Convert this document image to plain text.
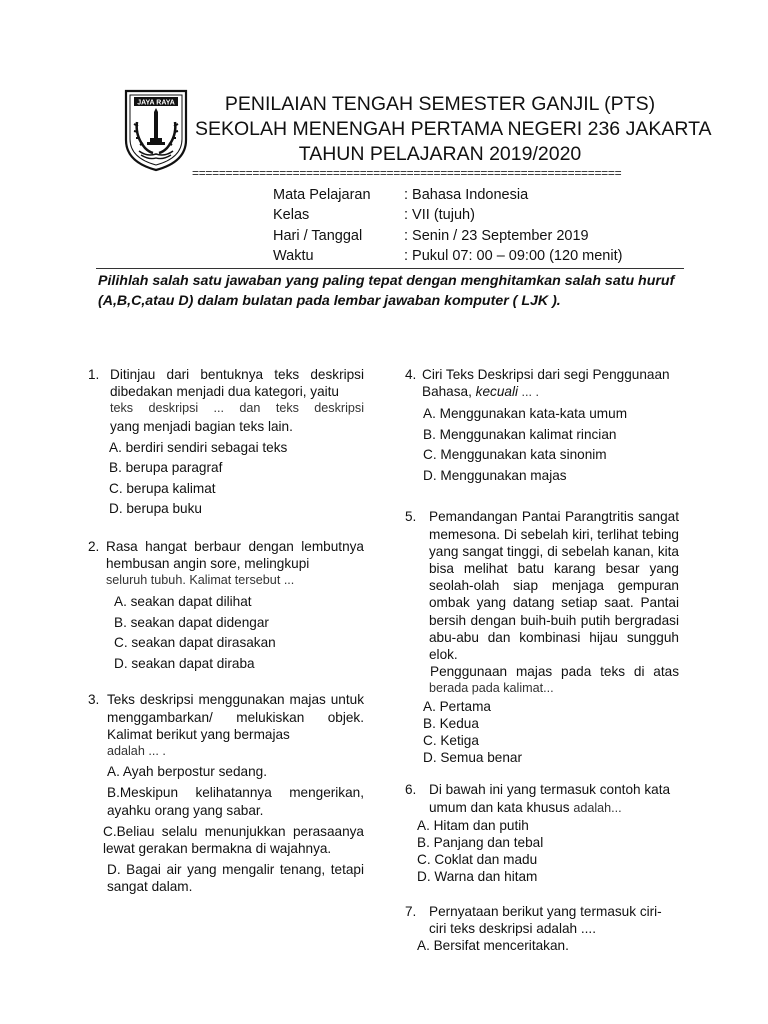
JAYA RAYA	PENILAIAN TENGAH SEMESTER GANJIL (PTS)
SEKOLAH MENENGAH PERTAMA NEGERI 236 JAKARTA
TAHUN PELAJARAN 2019/2020
================================================================
Mata Pelajaran	: Bahasa Indonesia
Kelas	: VII (tujuh)
Hari / Tanggal	: Senin / 23 September 2019
Waktu	: Pukul 07: 00 – 09:00 (120 menit)
Pilihlah salah satu jawaban yang paling tepat dengan menghitamkan salah satu huruf (A,B,C,atau D) dalam bulatan pada lembar jawaban komputer ( LJK ).
1. Ditinjau dari bentuknya teks deskripsi dibedakan menjadi dua kategori, yaitu
teks deskripsi ... dan teks deskripsi
yang menjadi bagian teks lain.
A. berdiri sendiri sebagai teks
B. berupa paragraf
C. berupa kalimat
D. berupa buku
2. Rasa hangat berbaur dengan lembutnya hembusan angin sore, melingkupi
seluruh tubuh. Kalimat tersebut ...
A. seakan dapat dilihat
B. seakan dapat didengar
C. seakan dapat dirasakan
D. seakan dapat diraba
3. Teks deskripsi menggunakan majas untuk menggambarkan/ melukiskan objek. Kalimat berikut yang bermajas
adalah ... .
A. Ayah berpostur sedang.
B.Meskipun kelihatannya mengerikan, ayahku orang yang sabar.
C.Beliau selalu menunjukkan perasaanya lewat gerakan bermakna di wajahnya.
D. Bagai air yang mengalir tenang, tetapi sangat dalam.
4. Ciri Teks Deskripsi dari segi Penggunaan Bahasa, kecuali ... .
A. Menggunakan kata-kata umum
B. Menggunakan kalimat rincian
C. Menggunakan kata sinonim
D. Menggunakan majas
5. Pemandangan Pantai Parangtritis sangat memesona. Di sebelah kiri, terlihat tebing yang sangat tinggi, di sebelah kanan, kita bisa melihat batu karang besar yang seolah-olah siap menjaga gempuran ombak yang datang setiap saat. Pantai bersih dengan buih-buih putih bergradasi abu-abu dan kombinasi hijau sungguh elok.
Penggunaan majas pada teks di atas
berada pada kalimat...
A. Pertama
B. Kedua
C. Ketiga
D. Semua benar
6. Di bawah ini yang termasuk contoh kata umum dan kata khusus adalah...
A. Hitam dan putih
B. Panjang dan tebal
C. Coklat dan madu
D. Warna dan hitam
7. Pernyataan berikut yang termasuk ciri-ciri teks deskripsi adalah ....
A. Bersifat menceritakan.
